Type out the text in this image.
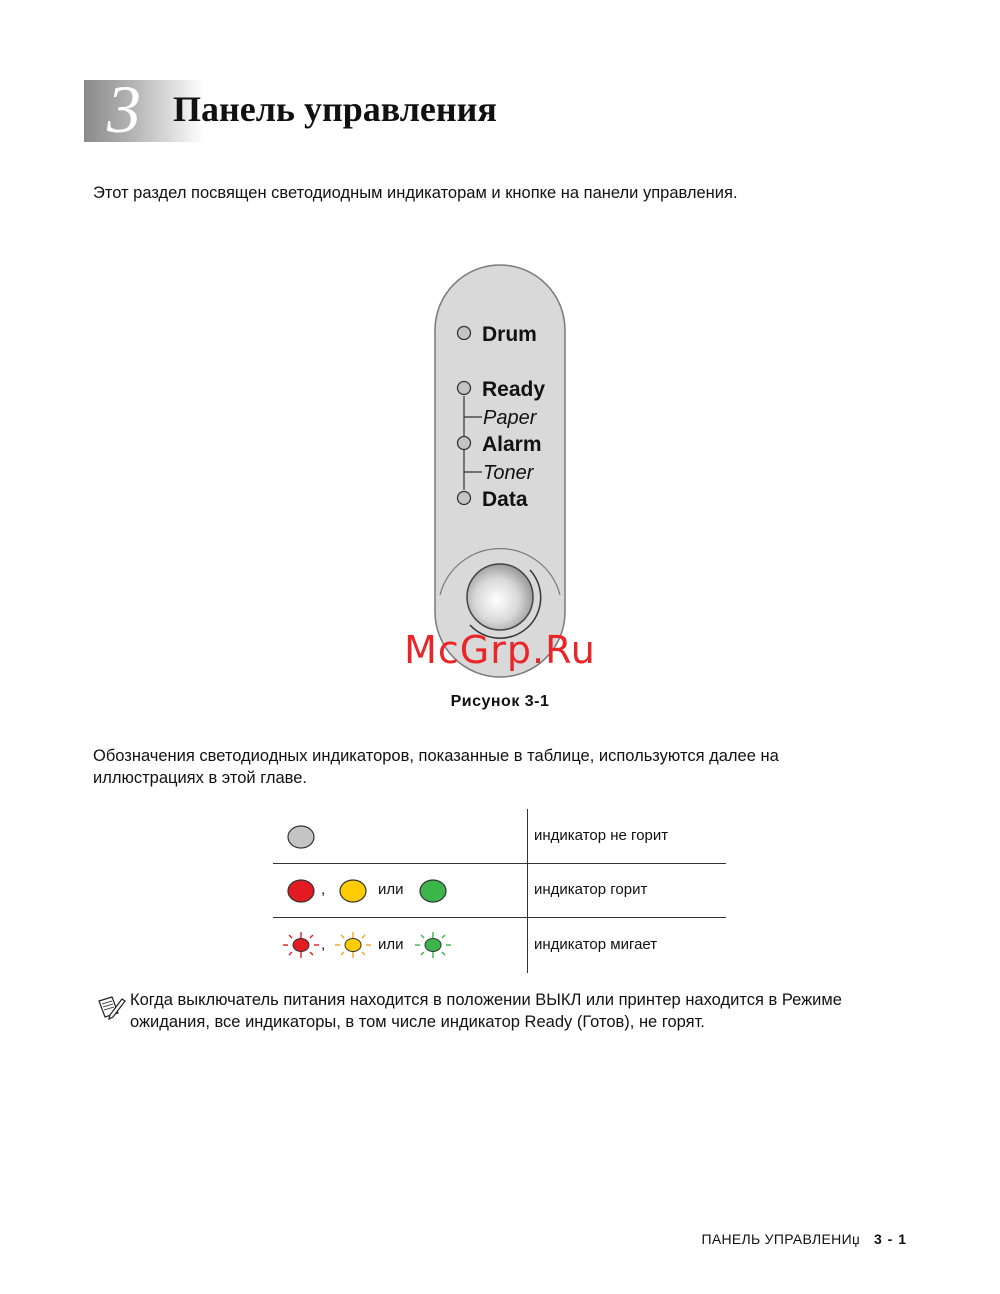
3 Панель управления
Этот раздел посвящен светодиодным индикаторам и кнопке на панели управления.
Drum
Ready
Paper
Alarm
Toner
Data
McGrp.Ru
Рисунок 3-1
Обозначения светодиодных индикаторов, показанные в таблице, используются далее на иллюстрациях в этой главе.
индикатор не горит
,	или	индикатор горит
,	или	индикатор мигает
Когда выключатель питания находится в положении ВЫКЛ или принтер находится в Режиме ожидания, все индикаторы, в том числе индикатор Ready (Готов), не горят.
ПАНЕЛЬ УПРАВЛЕНИџ 3 - 1
